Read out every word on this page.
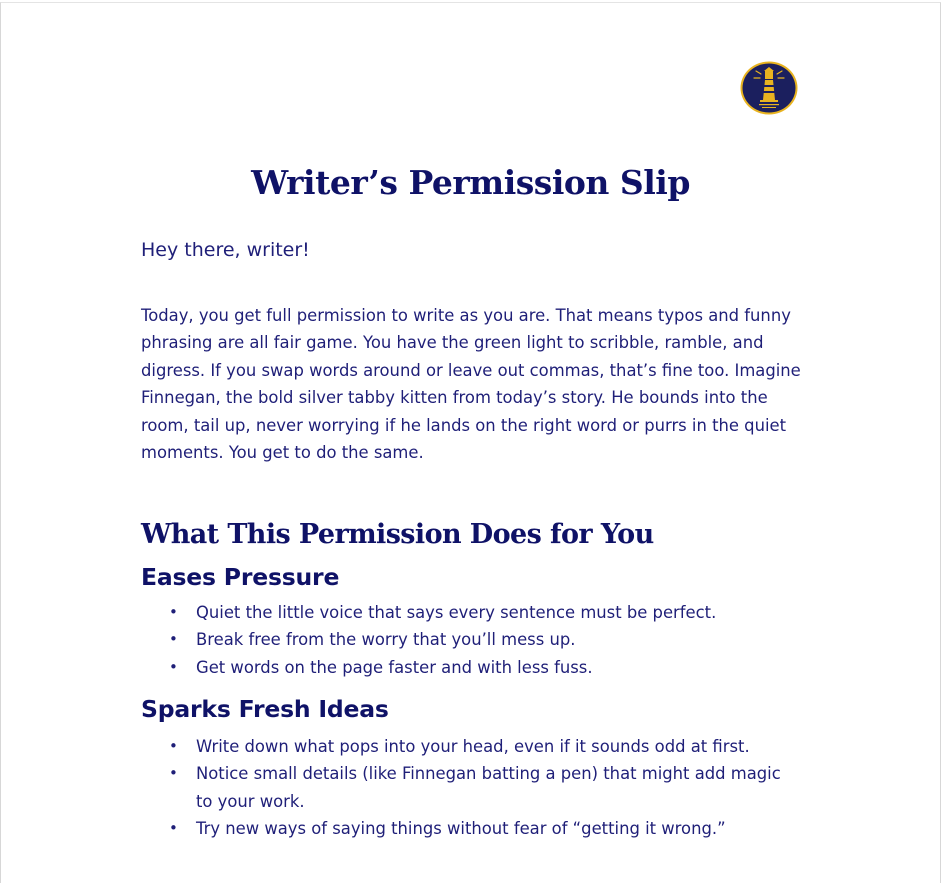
Writer’s Permission Slip
Hey there, writer!
Today, you get full permission to write as you are. That means typos and funny phrasing are all fair game. You have the green light to scribble, ramble, and digress. If you swap words around or leave out commas, that’s fine too. Imagine Finnegan, the bold silver tabby kitten from today’s story. He bounds into the room, tail up, never worrying if he lands on the right word or purrs in the quiet moments. You get to do the same.
What This Permission Does for You
Eases Pressure
• Quiet the little voice that says every sentence must be perfect.
• Break free from the worry that you’ll mess up.
• Get words on the page faster and with less fuss.
Sparks Fresh Ideas
• Write down what pops into your head, even if it sounds odd at first.
• Notice small details (like Finnegan batting a pen) that might add magic to your work.
• Try new ways of saying things without fear of “getting it wrong.”
